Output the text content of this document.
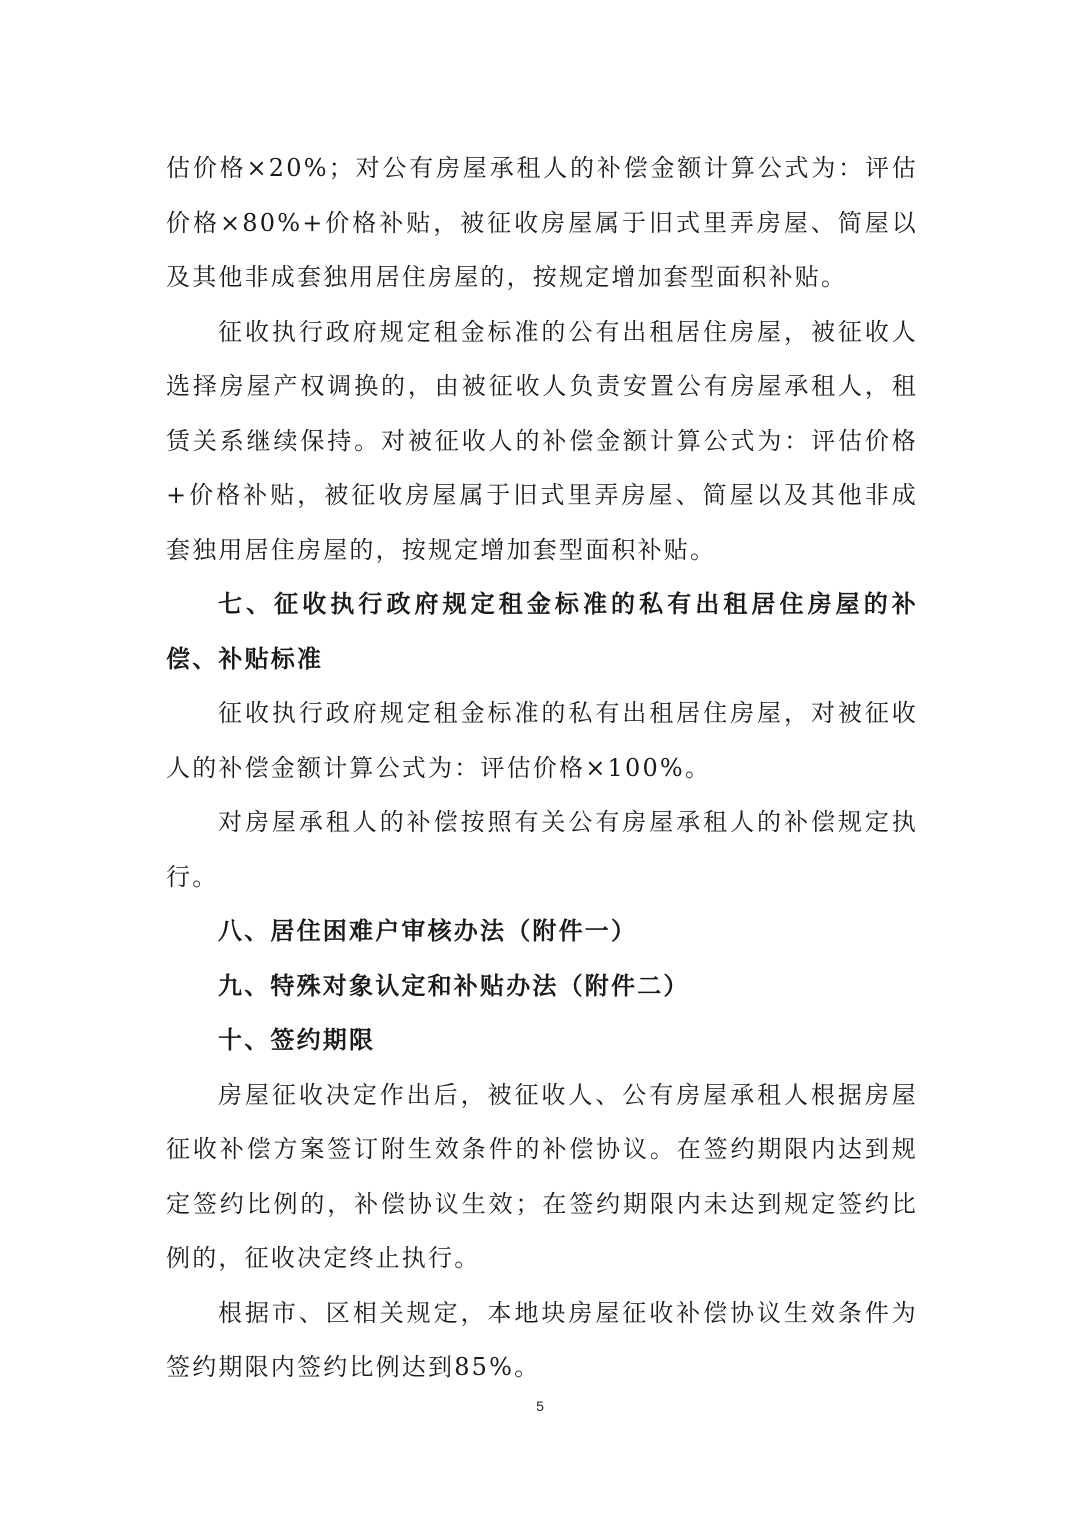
估价格×20%；对公有房屋承租人的补偿金额计算公式为：评估价格×80%+价格补贴，被征收房屋属于旧式里弄房屋、简屋以及其他非成套独用居住房屋的，按规定增加套型面积补贴。

征收执行政府规定租金标准的公有出租居住房屋，被征收人选择房屋产权调换的，由被征收人负责安置公有房屋承租人，租赁关系继续保持。对被征收人的补偿金额计算公式为：评估价格+价格补贴，被征收房屋属于旧式里弄房屋、简屋以及其他非成套独用居住房屋的，按规定增加套型面积补贴。

七、征收执行政府规定租金标准的私有出租居住房屋的补偿、补贴标准

征收执行政府规定租金标准的私有出租居住房屋，对被征收人的补偿金额计算公式为：评估价格×100%。

对房屋承租人的补偿按照有关公有房屋承租人的补偿规定执行。

八、居住困难户审核办法（附件一）

九、特殊对象认定和补贴办法（附件二）

十、签约期限

房屋征收决定作出后，被征收人、公有房屋承租人根据房屋征收补偿方案签订附生效条件的补偿协议。在签约期限内达到规定签约比例的，补偿协议生效；在签约期限内未达到规定签约比例的，征收决定终止执行。

根据市、区相关规定，本地块房屋征收补偿协议生效条件为签约期限内签约比例达到85%。

5
